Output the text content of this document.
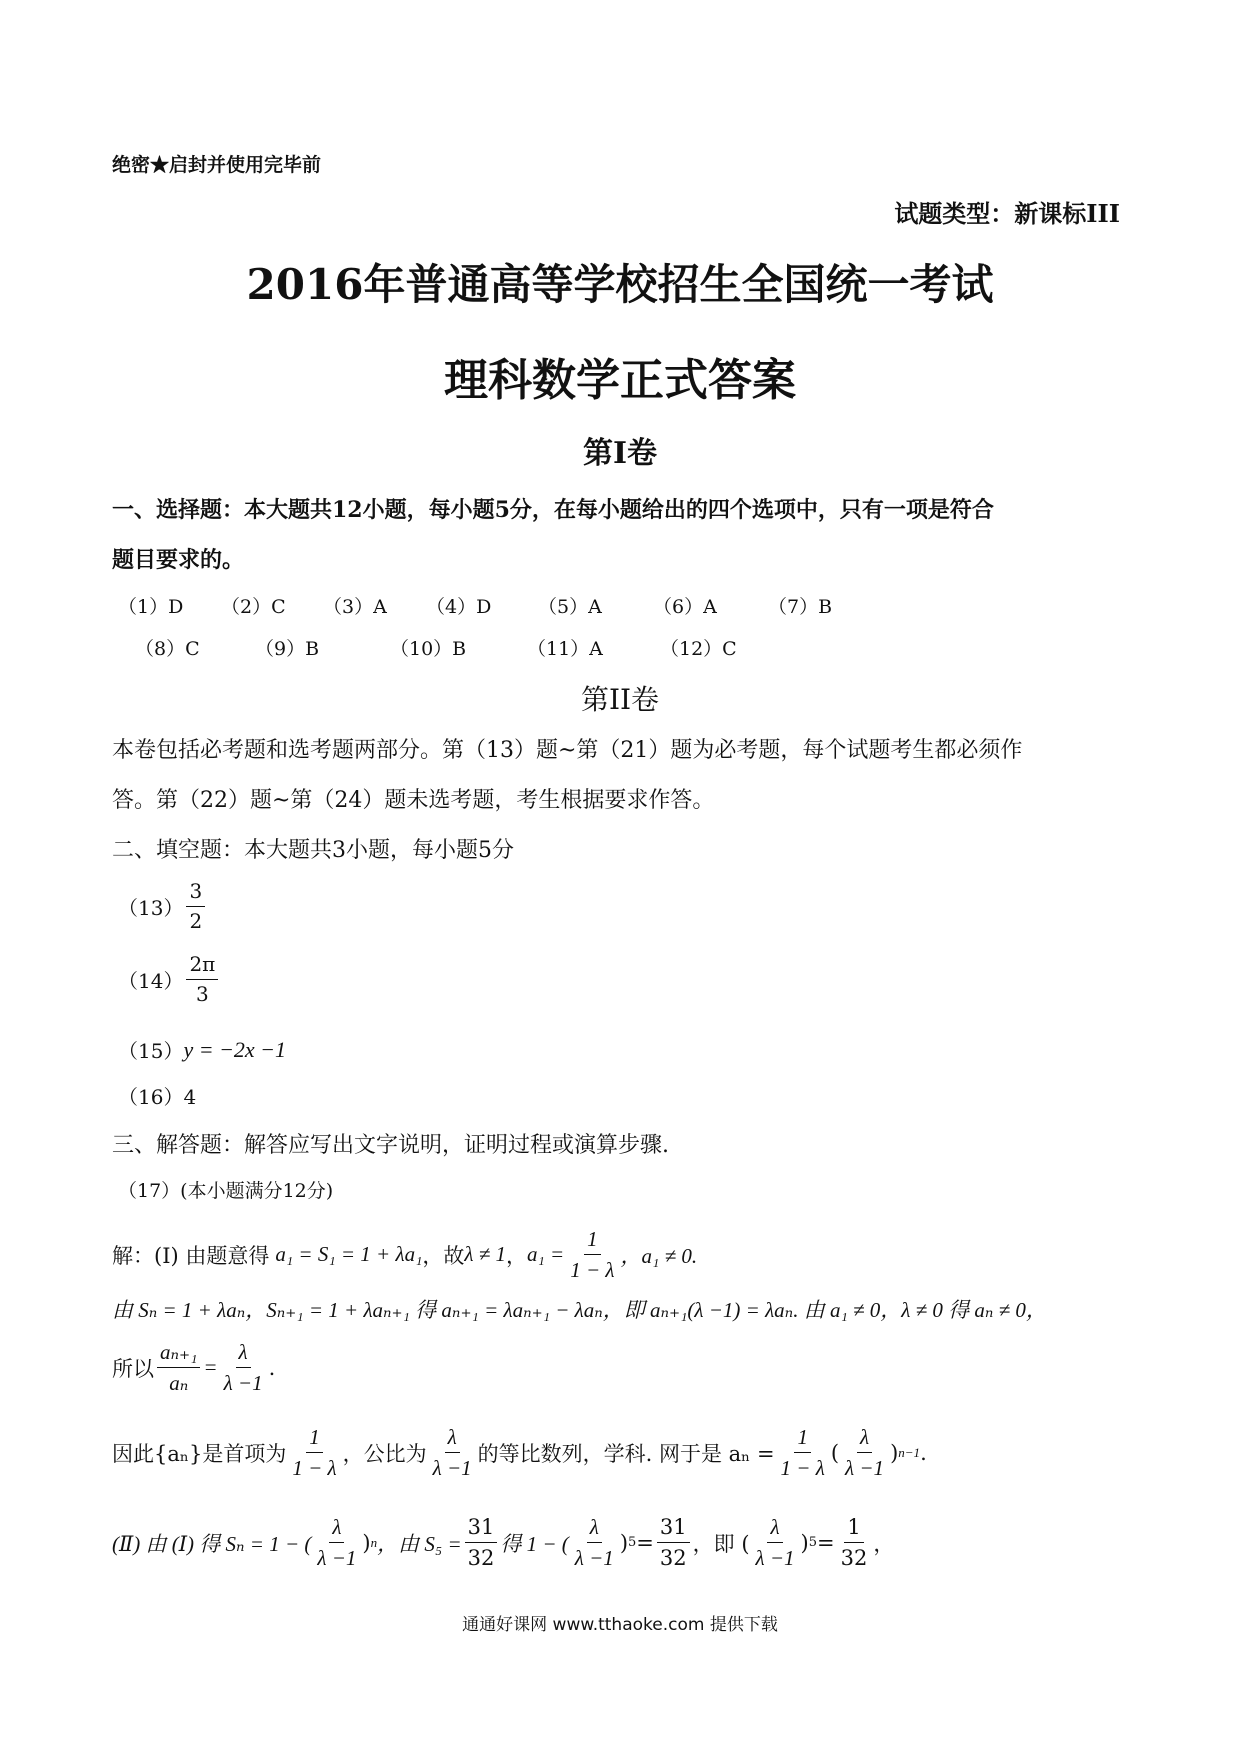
绝密★启封并使用完毕前
试题类型：新课标III
2016年普通高等学校招生全国统一考试
理科数学正式答案
第I卷
一、选择题：本大题共12小题，每小题5分，在每小题给出的四个选项中，只有一项是符合
题目要求的。
（1）D （2）C （3）A （4）D （5）A	（6）A	（7）B
（8）C	（9）B	（10）B	（11）A	（12）C
第II卷
本卷包括必考题和选考题两部分。第（13）题~第（21）题为必考题，每个试题考生都必须作
答。第（22）题~第（24）题未选考题，考生根据要求作答。
二、填空题：本大题共3小题，每小题5分
$(13) \frac{3}{2}$
$(14) \frac{2\pi}{3}$
（15） y = −2x −1
（16）4
三、解答题：解答应写出文字说明，证明过程或演算步骤.
（17）(本小题满分12分)
解：(Ⅰ) 由题意得 a₁ = S₁ = 1 + λa₁ ，故 λ ≠ 1 ， $a_1 = \frac{1}{1 - \lambda}$ ，a₁ ≠ 0.
由 Sₙ = 1 + λaₙ，Sₙ₊₁ = 1 + λaₙ₊₁ 得 aₙ₊₁ = λaₙ₊₁ − λaₙ，即 aₙ₊₁(λ −1) = λaₙ. 由 a₁ ≠ 0，λ ≠ 0 得 aₙ ≠ 0，
所以 $\frac{\text{aₙ₊₁}}{\text{aₙ}} = \frac{\lambda}{\lambda -1}$ .
因此{aₙ}是首项为 $\frac{1}{1 - \lambda}$ ，公比为 $\frac{\lambda}{\lambda -1}$ 的等比数列，学科. 网于是 $a_n = \frac{1}{1 - \lambda}$ ( $\frac{\lambda}{\lambda -1}$ ) n−1 .
(Ⅱ) 由 (Ⅰ) 得 Sₙ = 1 − ( $\frac{\lambda}{\lambda -1}$ ) n ，由 $S_5 = \frac{31}{32}$ 得 1 − ( $\frac{\lambda}{\lambda -1}$ ) $5 = \frac{31}{32}$ ，即 ( $\frac{\lambda}{\lambda -1}$ ) $5 = \frac{1}{32}$ ，
通通好课网 www.tthaoke.com 提供下载
